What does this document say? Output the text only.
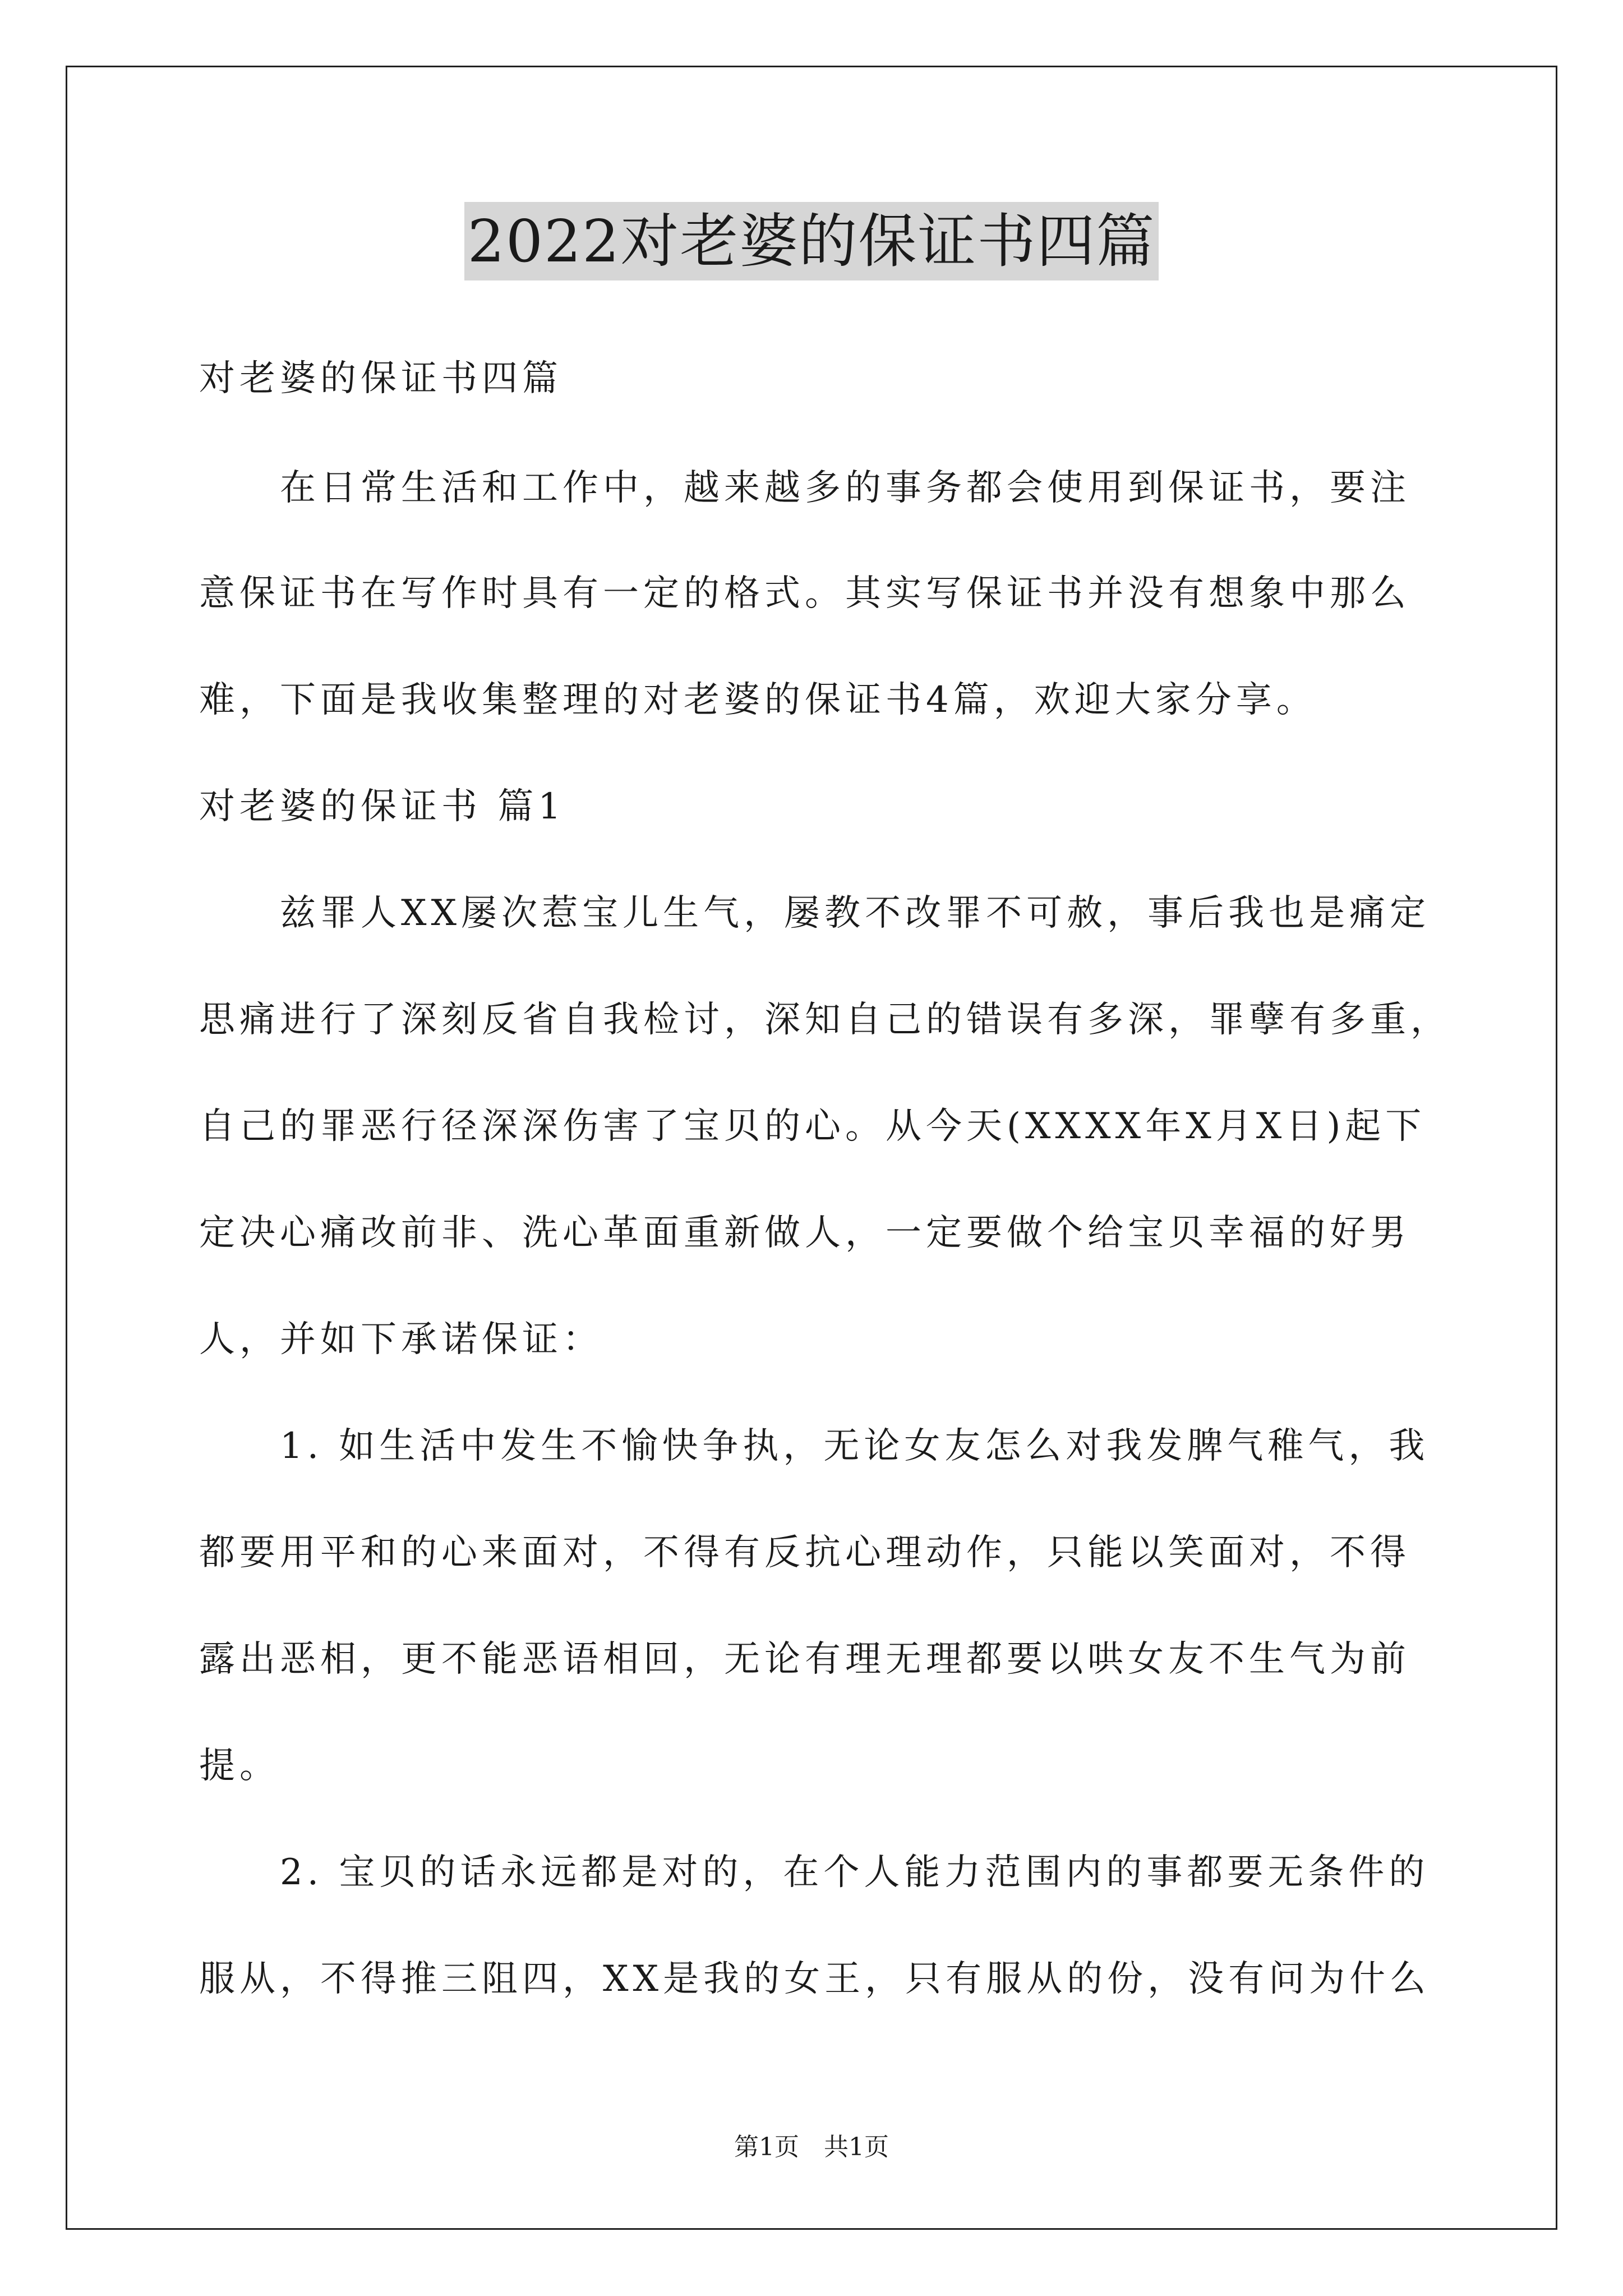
2022对老婆的保证书四篇
对老婆的保证书四篇
　　在日常生活和工作中，越来越多的事务都会使用到保证书，要注
意保证书在写作时具有一定的格式。其实写保证书并没有想象中那么
难，下面是我收集整理的对老婆的保证书4篇，欢迎大家分享。
对老婆的保证书 篇1
　　兹罪人XX屡次惹宝儿生气，屡教不改罪不可赦，事后我也是痛定
思痛进行了深刻反省自我检讨，深知自己的错误有多深，罪孽有多重，
自己的罪恶行径深深伤害了宝贝的心。从今天(XXXX年X月X日)起下
定决心痛改前非、洗心革面重新做人，一定要做个给宝贝幸福的好男
人，并如下承诺保证：
　　1. 如生活中发生不愉快争执，无论女友怎么对我发脾气稚气，我
都要用平和的心来面对，不得有反抗心理动作，只能以笑面对，不得
露出恶相，更不能恶语相回，无论有理无理都要以哄女友不生气为前
提。
　　2. 宝贝的话永远都是对的，在个人能力范围内的事都要无条件的
服从，不得推三阻四，XX是我的女王，只有服从的份，没有问为什么
第1页　共1页
